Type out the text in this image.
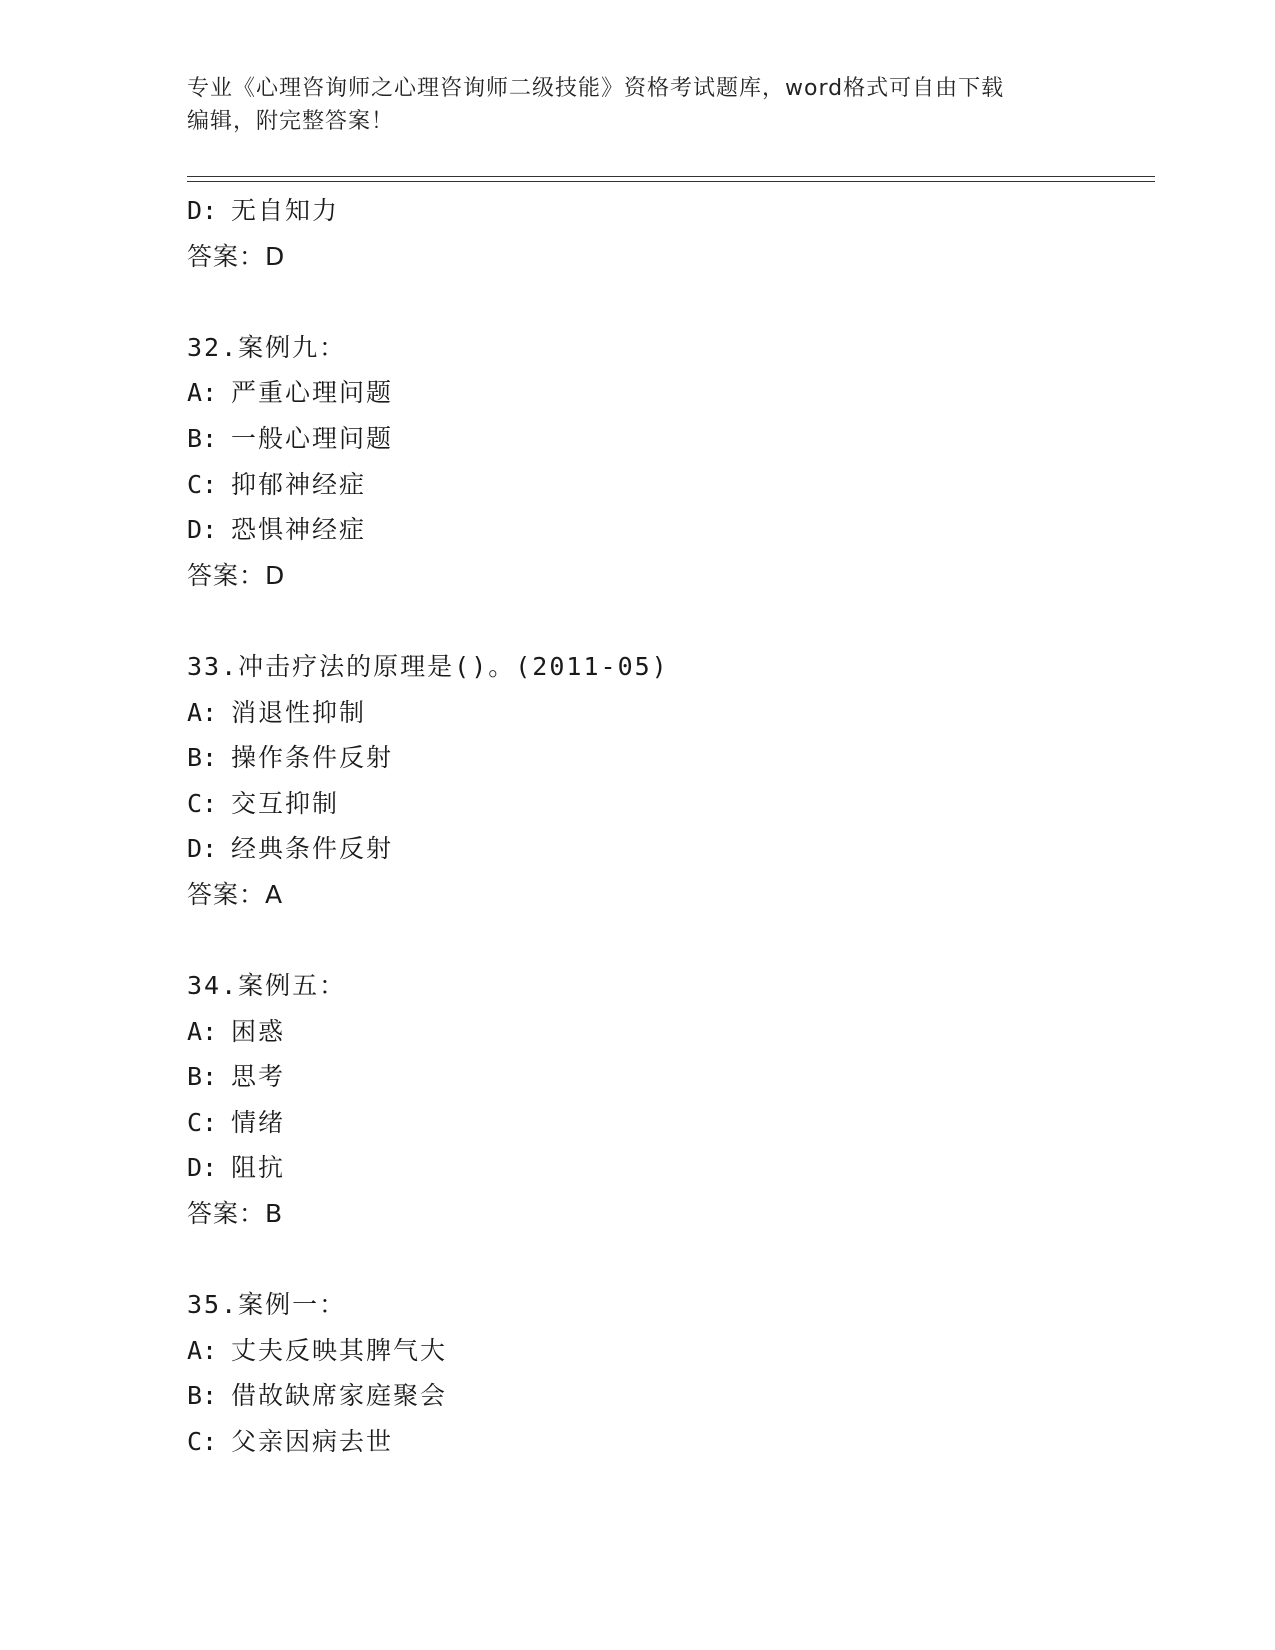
专业《心理咨询师之心理咨询师二级技能》资格考试题库，word格式可自由下载
编辑，附完整答案！
D: 无自知力
答案：D
32.案例九：
A: 严重心理问题
B: 一般心理问题
C: 抑郁神经症
D: 恐惧神经症
答案：D
33.冲击疗法的原理是()。(2011-05)
A: 消退性抑制
B: 操作条件反射
C: 交互抑制
D: 经典条件反射
答案：A
34.案例五：
A: 困惑
B: 思考
C: 情绪
D: 阻抗
答案：B
35.案例一：
A: 丈夫反映其脾气大
B: 借故缺席家庭聚会
C: 父亲因病去世
